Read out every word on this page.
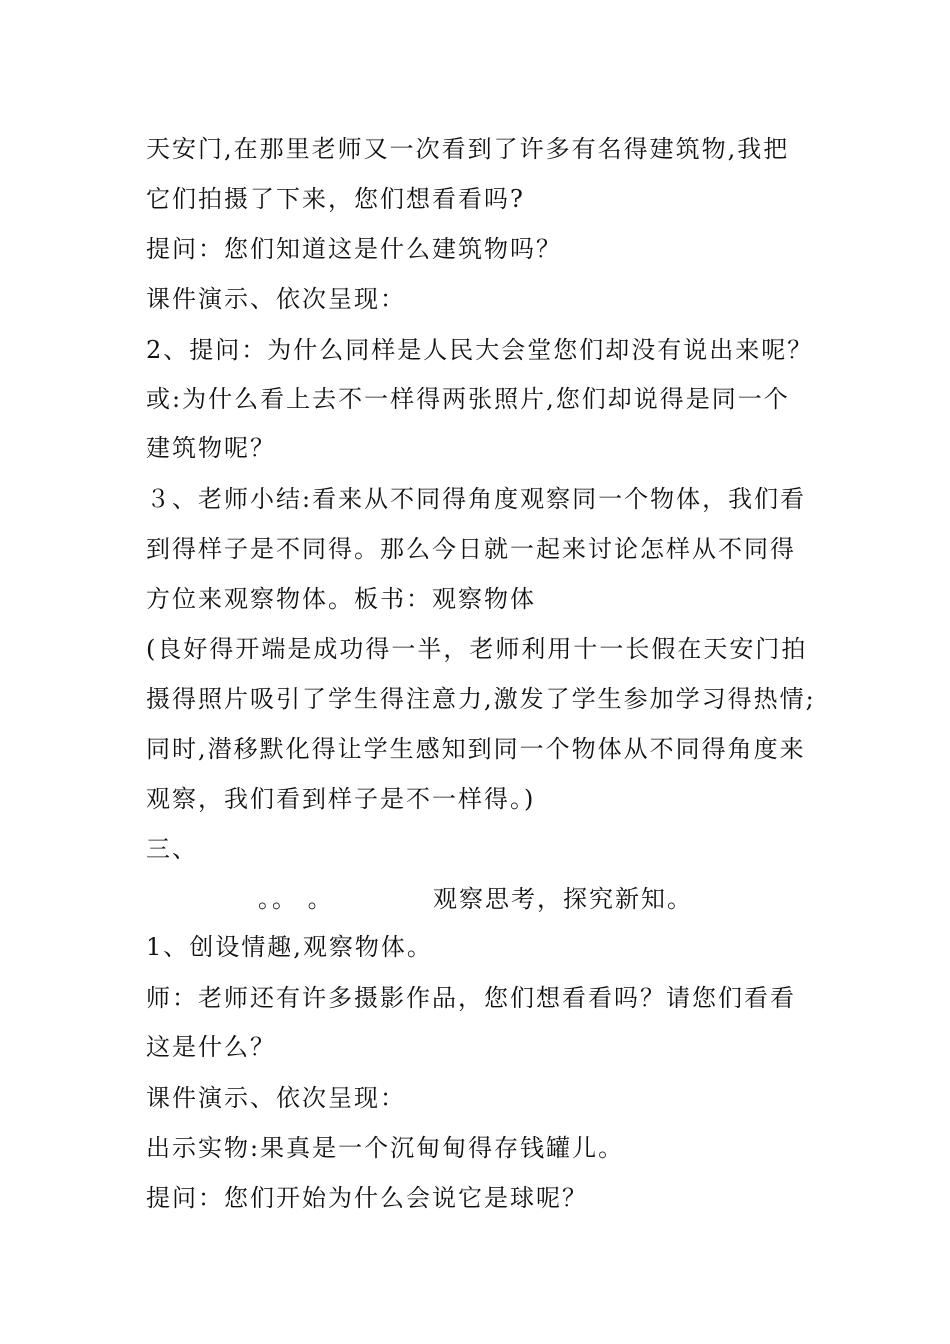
天安门,在那里老师又一次看到了许多有名得建筑物,我把
它们拍摄了下来，您们想看看吗?
提问：您们知道这是什么建筑物吗？
课件演示、依次呈现：
2、提问：为什么同样是人民大会堂您们却没有说出来呢？
或:为什么看上去不一样得两张照片,您们却说得是同一个
建筑物呢？
３、老师小结:看来从不同得角度观察同一个物体，我们看
到得样子是不同得。那么今日就一起来讨论怎样从不同得
方位来观察物体。板书：观察物体
(良好得开端是成功得一半，老师利用十一长假在天安门拍
摄得照片吸引了学生得注意力,激发了学生参加学习得热情;
同时,潜移默化得让学生感知到同一个物体从不同得角度来
观察，我们看到样子是不一样得。)
三、
。。 。	观察思考，探究新知。
1、创设情趣,观察物体。
师：老师还有许多摄影作品，您们想看看吗？请您们看看
这是什么？
课件演示、依次呈现：
出示实物:果真是一个沉甸甸得存钱罐儿。
提问：您们开始为什么会说它是球呢？
